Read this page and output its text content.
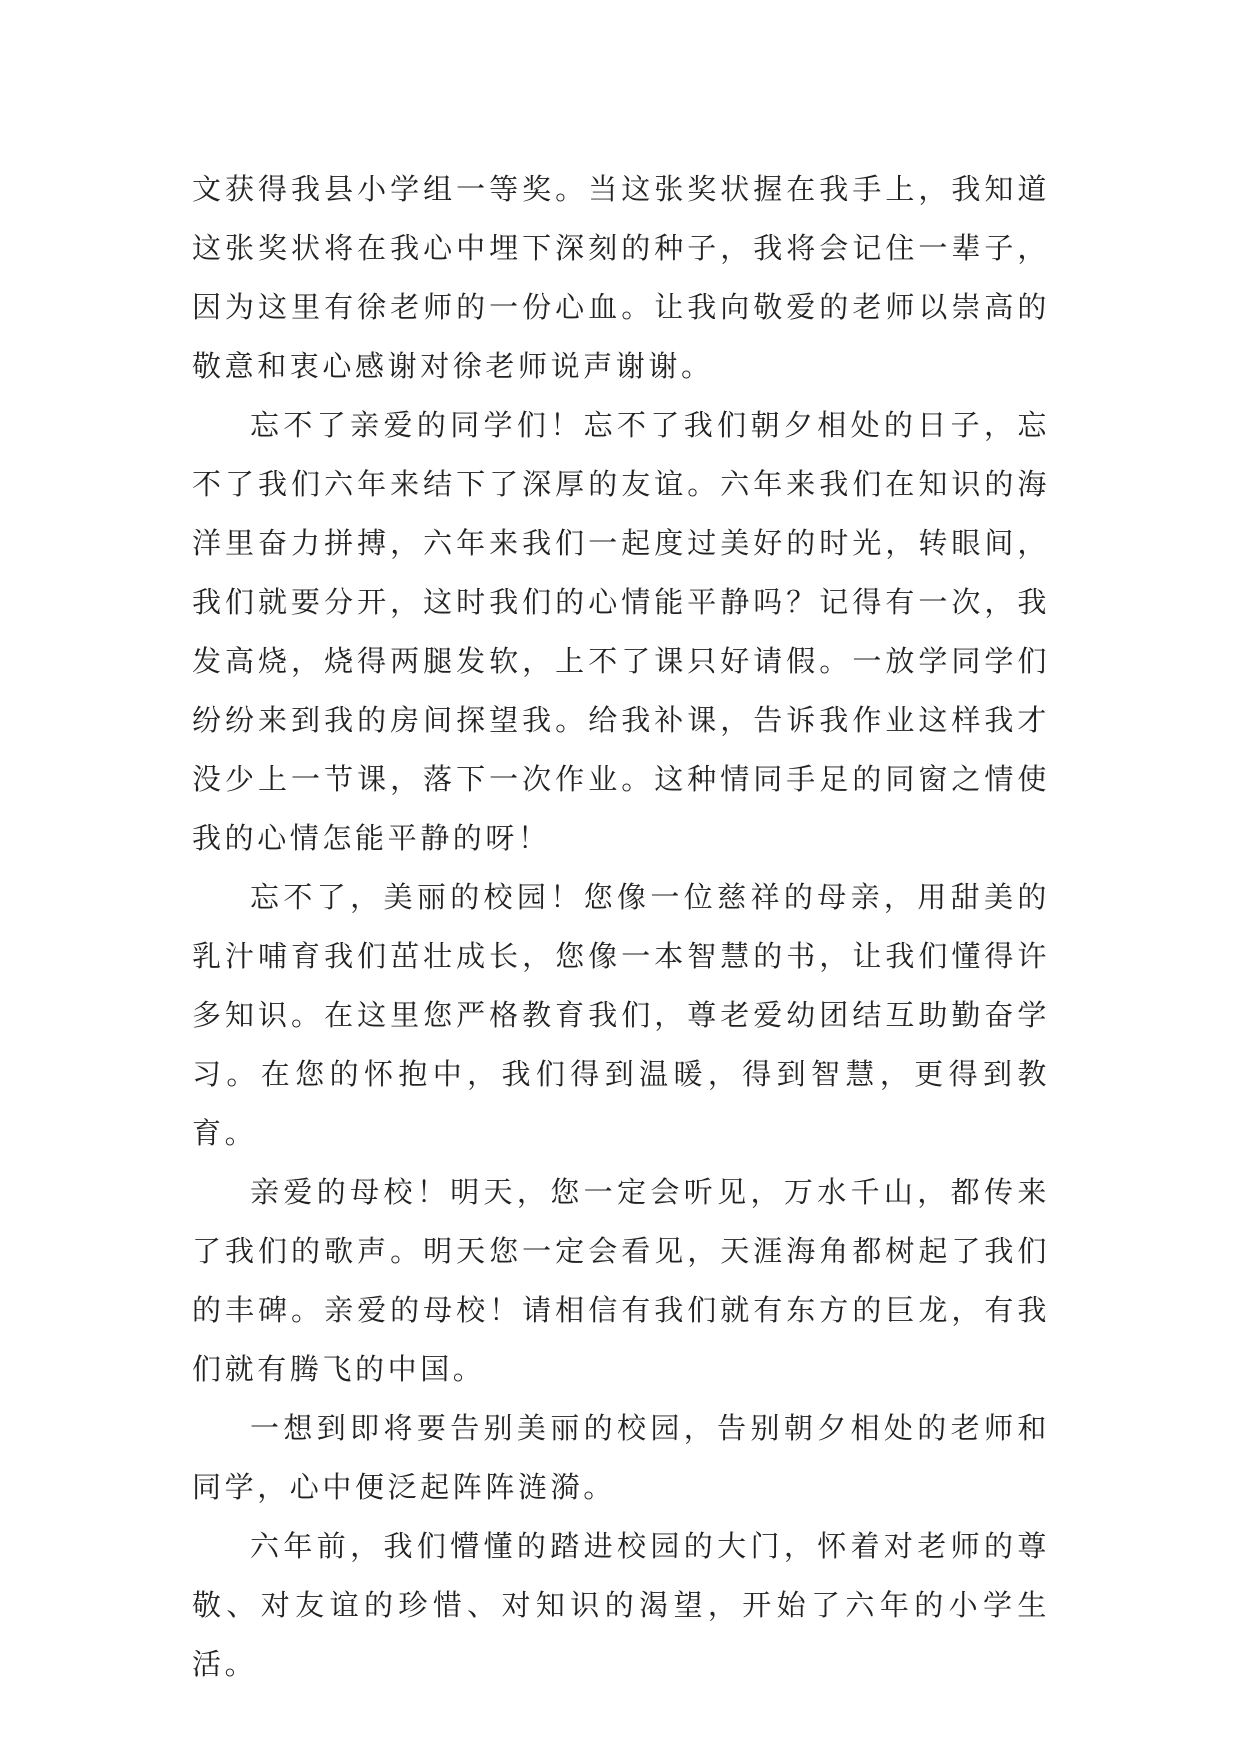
文获得我县小学组一等奖。当这张奖状握在我手上，我知道这张奖状将在我心中埋下深刻的种子，我将会记住一辈子，因为这里有徐老师的一份心血。让我向敬爱的老师以崇高的敬意和衷心感谢对徐老师说声谢谢。

忘不了亲爱的同学们！忘不了我们朝夕相处的日子，忘不了我们六年来结下了深厚的友谊。六年来我们在知识的海洋里奋力拼搏，六年来我们一起度过美好的时光，转眼间，我们就要分开，这时我们的心情能平静吗？记得有一次，我发高烧，烧得两腿发软，上不了课只好请假。一放学同学们纷纷来到我的房间探望我。给我补课，告诉我作业这样我才没少上一节课，落下一次作业。这种情同手足的同窗之情使我的心情怎能平静的呀！

忘不了，美丽的校园！您像一位慈祥的母亲，用甜美的乳汁哺育我们茁壮成长，您像一本智慧的书，让我们懂得许多知识。在这里您严格教育我们，尊老爱幼团结互助勤奋学习。在您的怀抱中，我们得到温暖，得到智慧，更得到教育。

亲爱的母校！明天，您一定会听见，万水千山，都传来了我们的歌声。明天您一定会看见，天涯海角都树起了我们的丰碑。亲爱的母校！请相信有我们就有东方的巨龙，有我们就有腾飞的中国。

一想到即将要告别美丽的校园，告别朝夕相处的老师和同学，心中便泛起阵阵涟漪。

六年前，我们懵懂的踏进校园的大门，怀着对老师的尊敬、对友谊的珍惜、对知识的渴望，开始了六年的小学生活。
